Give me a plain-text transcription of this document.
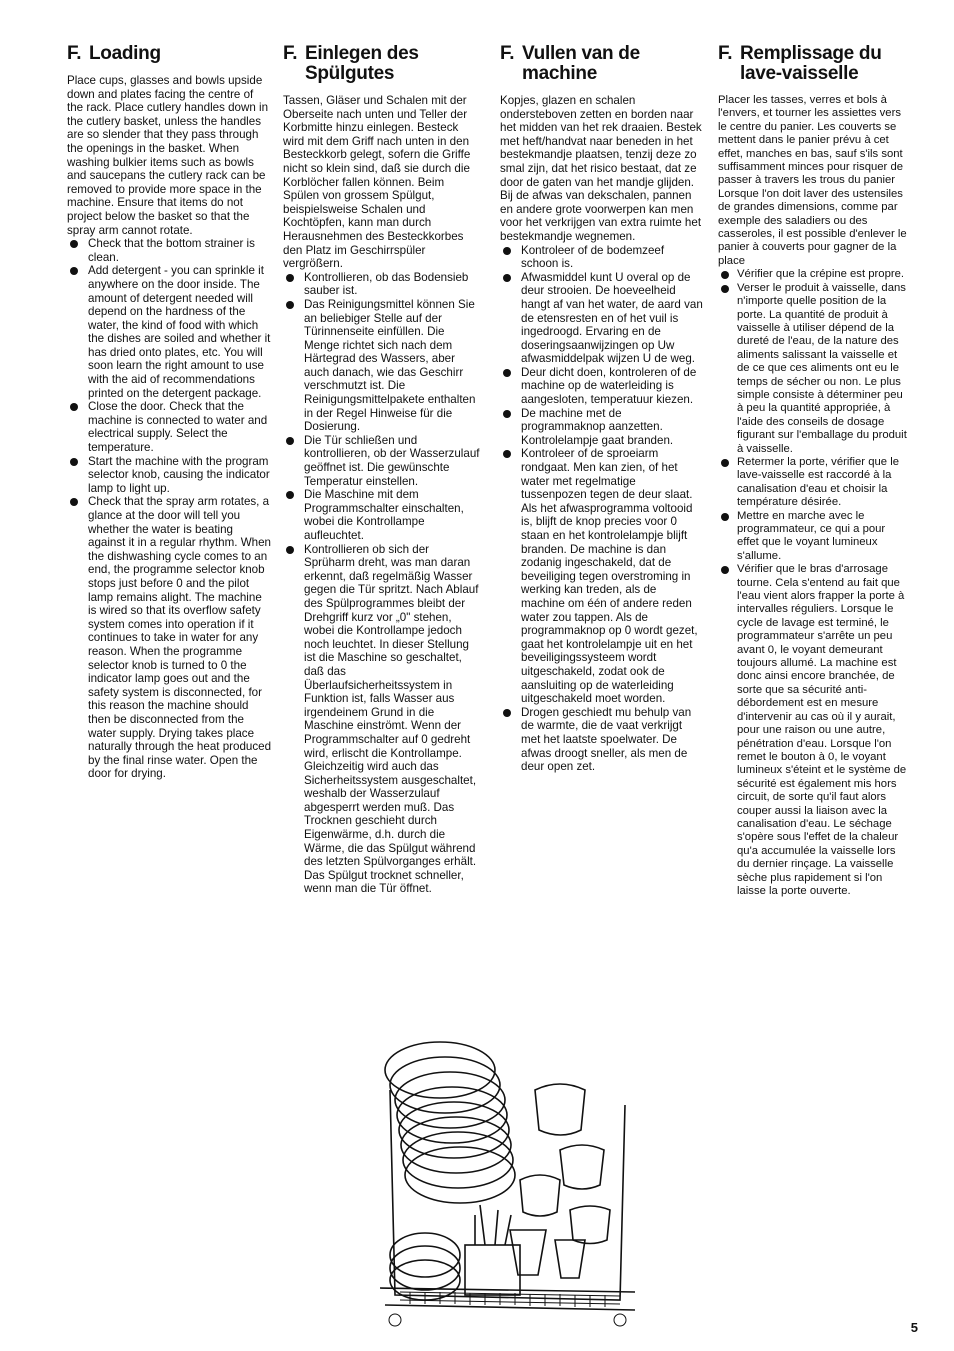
F. Loading

Place cups, glasses and bowls upside down and plates facing the centre of the rack. Place cutlery handles down in the cutlery basket, unless the handles are so slender that they pass through the openings in the basket. When washing bulkier items such as bowls and saucepans the cutlery rack can be removed to provide more space in the machine. Ensure that items do not project below the basket so that the spray arm cannot rotate.

Check that the bottom strainer is clean.
Add detergent - you can sprinkle it anywhere on the door inside. The amount of detergent needed will depend on the hardness of the water, the kind of food with which the dishes are soiled and whether it has dried onto plates, etc. You will soon learn the right amount to use with the aid of recommendations printed on the detergent package.
Close the door. Check that the machine is connected to water and electrical supply. Select the temperature.
Start the machine with the program selector knob, causing the indicator lamp to light up.
Check that the spray arm rotates, a glance at the door will tell you whether the water is beating against it in a regular rhythm. When the dishwashing cycle comes to an end, the programme selector knob stops just before 0 and the pilot lamp remains alight. The machine is wired so that its overflow safety system comes into operation if it continues to take in water for any reason. When the programme selector knob is turned to 0 the indicator lamp goes out and the safety system is disconnected, for this reason the machine should then be disconnected from the water supply. Drying takes place naturally through the heat produced by the final rinse water. Open the door for drying.
F. Einlegen des Spülgutes

Tassen, Gläser und Schalen mit der Oberseite nach unten und Teller der Korbmitte hinzu einlegen. Besteck wird mit dem Griff nach unten in den Besteckkorb gelegt, sofern die Griffe nicht so klein sind, daß sie durch die Korblöcher fallen können. Beim Spülen von grossem Spülgut, beispielsweise Schalen und Kochtöpfen, kann man durch Herausnehmen des Besteckkorbes den Platz im Geschirrspüler vergrößern.

Kontrollieren, ob das Bodensieb sauber ist.
Das Reinigungsmittel können Sie an beliebiger Stelle auf der Türinnenseite einfüllen. Die Menge richtet sich nach dem Härtegrad des Wassers, aber auch danach, wie das Geschirr verschmutzt ist. Die Reinigungsmittelpakete enthalten in der Regel Hinweise für die Dosierung.
Die Tür schließen und kontrollieren, ob der Wasserzulauf geöffnet ist. Die gewünschte Temperatur einstellen.
Die Maschine mit dem Programmschalter einschalten, wobei die Kontrollampe aufleuchtet.
Kontrollieren ob sich der Sprüharm dreht, was man daran erkennt, daß regelmäßig Wasser gegen die Tür spritzt. Nach Ablauf des Spülprogrammes bleibt der Drehgriff kurz vor „0" stehen, wobei die Kontrollampe jedoch noch leuchtet. In dieser Stellung ist die Maschine so geschaltet, daß das Überlaufsicherheitssystem in Funktion ist, falls Wasser aus irgendeinem Grund in die Maschine einströmt. Wenn der Programmschalter auf 0 gedreht wird, erlischt die Kontrollampe. Gleichzeitig wird auch das Sicherheitssystem ausgeschaltet, weshalb der Wasserzulauf abgesperrt werden muß. Das Trocknen geschieht durch Eigenwärme, d.h. durch die Wärme, die das Spülgut während des letzten Spülvorganges erhält. Das Spülgut trocknet schneller, wenn man die Tür öffnet.
F. Vullen van de machine

Kopjes, glazen en schalen ondersteboven zetten en borden naar het midden van het rek draaien. Bestek met heft/handvat naar beneden in het bestekmandje plaatsen, tenzij deze zo smal zijn, dat het risico bestaat, dat ze door de gaten van het mandje glijden. Bij de afwas van dekschalen, pannen en andere grote voorwerpen kan men voor het verkrijgen van extra ruimte het bestekmandje wegnemen.

Kontroleer of de bodemzeef schoon is.
Afwasmiddel kunt U overal op de deur strooien. De hoeveelheid hangt af van het water, de aard van de etensresten en of het vuil is ingedroogd. Ervaring en de doseringsaanwijzingen op Uw afwasmiddelpak wijzen U de weg.
Deur dicht doen, kontroleren of de machine op de waterleiding is aangesloten, temperatuur kiezen.
De machine met de programmaknop aanzetten. Kontrolelampje gaat branden.
Kontroleer of de sproeiarm rondgaat. Men kan zien, of het water met regelmatige tussenpozen tegen de deur slaat. Als het afwasprogramma voltooid is, blijft de knop precies voor 0 staan en het kontrolelampje blijft branden. De machine is dan zodanig ingeschakeld, dat de beveiliging tegen overstroming in werking kan treden, als de machine om één of andere reden water zou tappen. Als de programmaknop op 0 wordt gezet, gaat het kontrolelampje uit en het beveiligingssysteem wordt uitgeschakeld, zodat ook de aansluiting op de waterleiding uitgeschakeld moet worden.
Drogen geschiedt mu behulp van de warmte, die de vaat verkrijgt met het laatste spoelwater. De afwas droogt sneller, als men de deur open zet.
F. Remplissage du lave-vaisselle

Placer les tasses, verres et bols à l'envers, et tourner les assiettes vers le centre du panier. Les couverts se mettent dans le panier prévu à cet effet, manches en bas, sauf s'ils sont suffisamment minces pour risquer de passer à travers les trous du panier Lorsque l'on doit laver des ustensiles de grandes dimensions, comme par exemple des saladiers ou des casseroles, il est possible d'enlever le panier à couverts pour gagner de la place

Vérifier que la crépine est propre.
Verser le produit à vaisselle, dans n'importe quelle position de la porte. La quantité de produit à vaisselle à utiliser dépend de la dureté de l'eau, de la nature des aliments salissant la vaisselle et de ce que ces aliments ont eu le temps de sécher ou non. Le plus simple consiste à déterminer peu à peu la quantité appropriée, à l'aide des conseils de dosage figurant sur l'emballage du produit à vaisselle.
Retermer la porte, vérifier que le lave-vaisselle est raccordé à la canalisation d'eau et choisir la température désirée.
Mettre en marche avec le programmateur, ce qui a pour effet que le voyant lumineux s'allume.
Vérifier que le bras d'arrosage tourne. Cela s'entend au fait que l'eau vient alors frapper la porte à intervalles réguliers. Lorsque le cycle de lavage est terminé, le programmateur s'arrête un peu avant 0, le voyant demeurant toujours allumé. La machine est donc ainsi encore branchée, de sorte que sa sécurité anti-débordement est en mesure d'intervenir au cas où il y aurait, pour une raison ou une autre, pénétration d'eau. Lorsque l'on remet le bouton à 0, le voyant lumineux s'éteint et le système de sécurité est également mis hors circuit, de sorte qu'il faut alors couper aussi la liaison avec la canalisation d'eau. Le séchage s'opère sous l'effet de la chaleur qu'a accumulée la vaisselle lors du dernier rinçage. La vaisselle sèche plus rapidement si l'on laisse la porte ouverte.
5
